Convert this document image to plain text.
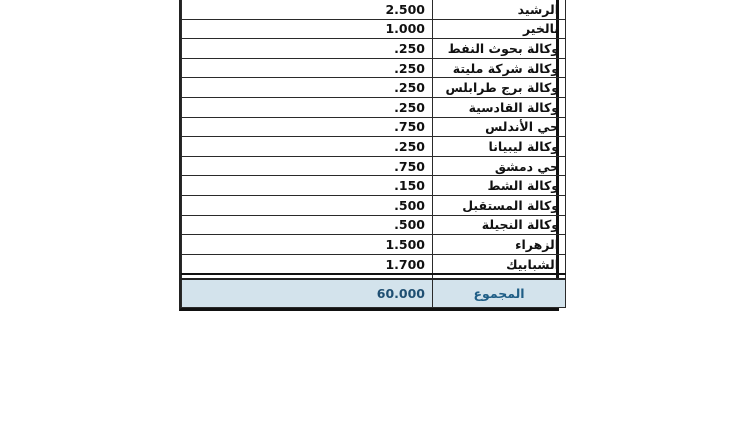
2.500	الرشيد
1.000	بالخير
.250	وكالة بحوث النفط
.250	وكالة شركة مليتة
.250	وكالة برج طرابلس
.250	وكالة القادسية
.750	حي الأندلس
.250	وكالة ليبيانا
.750	حي دمشق
.150	وكالة الشط
.500	وكالة المستقبل
.500	وكالة النجيلة
1.500	الزهراء
1.700	الشبابيك

60.000	المجموع
